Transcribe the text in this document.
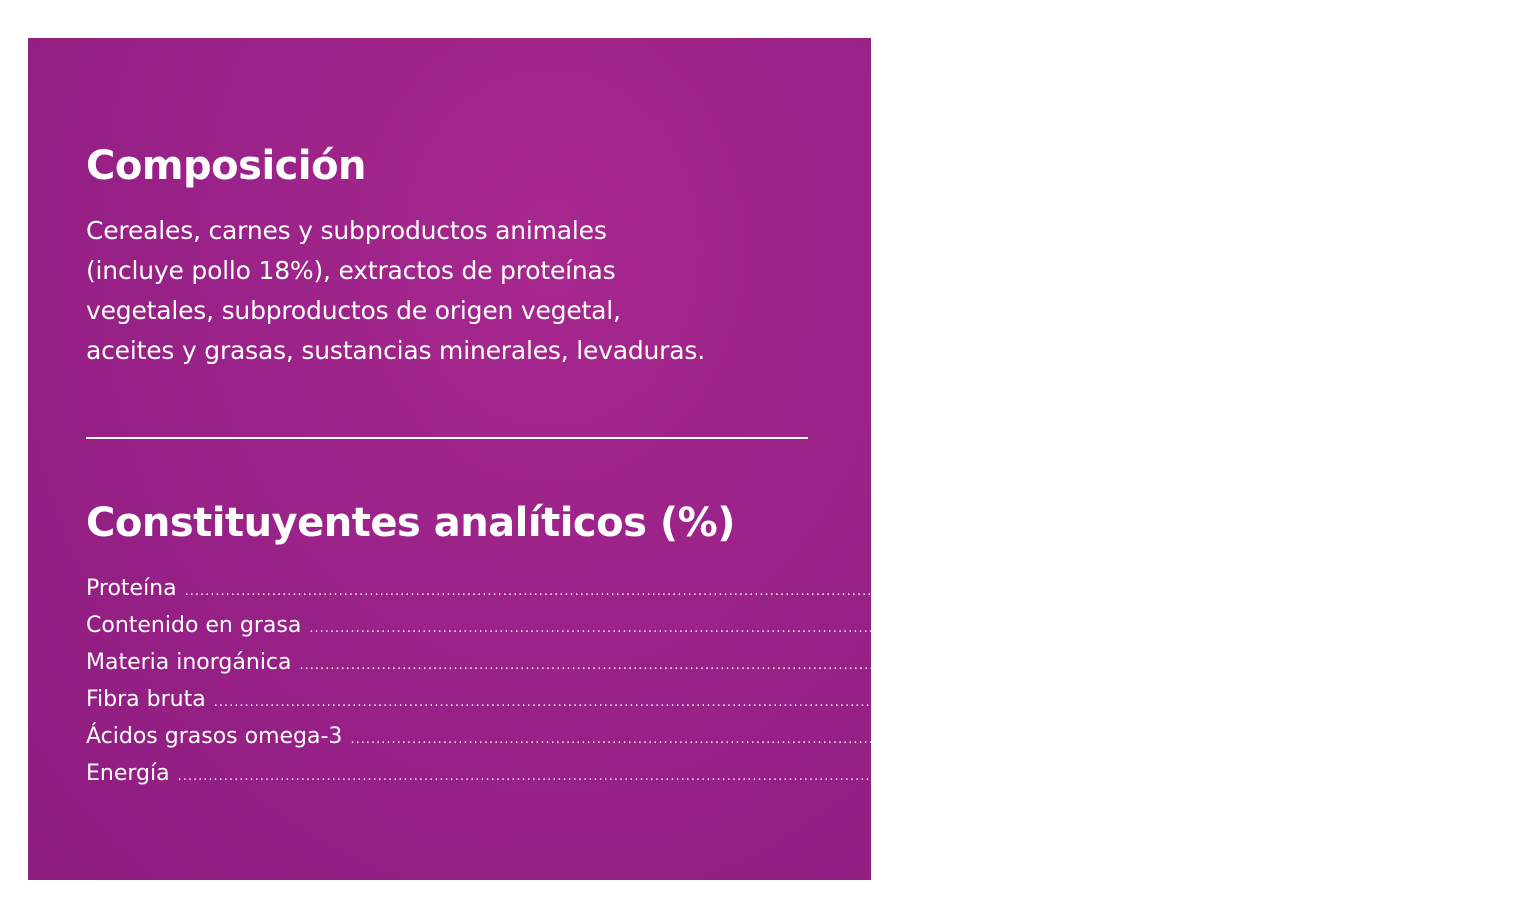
Composición

Cereales, carnes y subproductos animales
(incluye pollo 18%), extractos de proteínas
vegetales, subproductos de origen vegetal,
aceites y grasas, sustancias minerales, levaduras.

Constituyentes analíticos (%)
Proteína ........................................................................................................................................................................................................ 24.0
Contenido en grasa ........................................................................................................................................................................................................ 11.0
Materia inorgánica ........................................................................................................................................................................................................ 8.8
Fibra bruta ........................................................................................................................................................................................................ 9.0
Ácidos grasos omega-3 ........................................................................................................................................................................................................ 1857 mg/kg
Energía ........................................................................................................................................................................................................ 325 kcal/100 g
